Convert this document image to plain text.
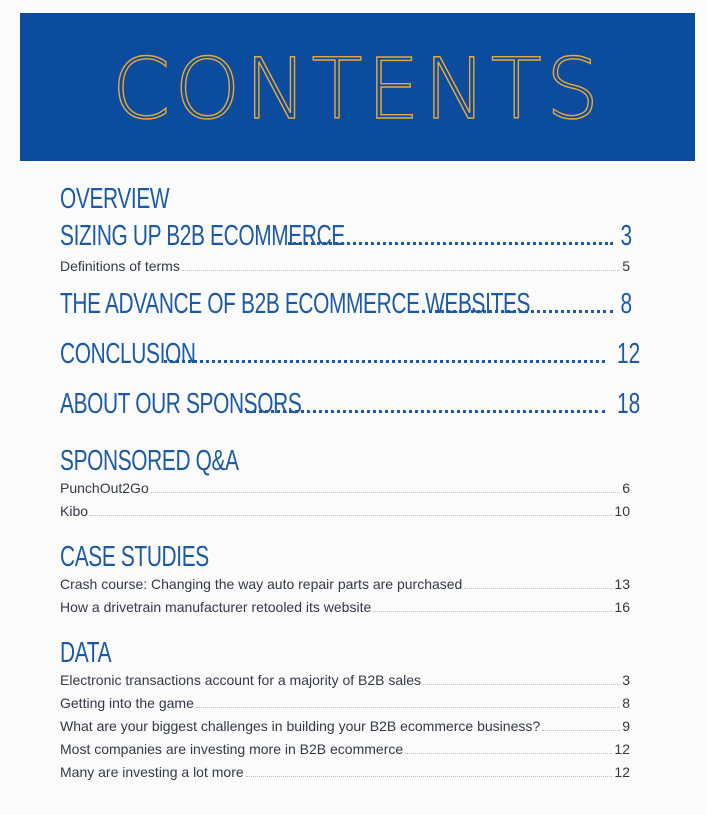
CONTENTS
OVERVIEW
SIZING UP B2B ECOMMERCE	3
Definitions of terms	5
THE ADVANCE OF B2B ECOMMERCE WEBSITES	8
CONCLUSION	12
ABOUT OUR SPONSORS	18
SPONSORED Q&A
PunchOut2Go	6
Kibo	10
CASE STUDIES
Crash course: Changing the way auto repair parts are purchased	13
How a drivetrain manufacturer retooled its website	16
DATA
Electronic transactions account for a majority of B2B sales	3
Getting into the game	8
What are your biggest challenges in building your B2B ecommerce business?	9
Most companies are investing more in B2B ecommerce	12
Many are investing a lot more	12
